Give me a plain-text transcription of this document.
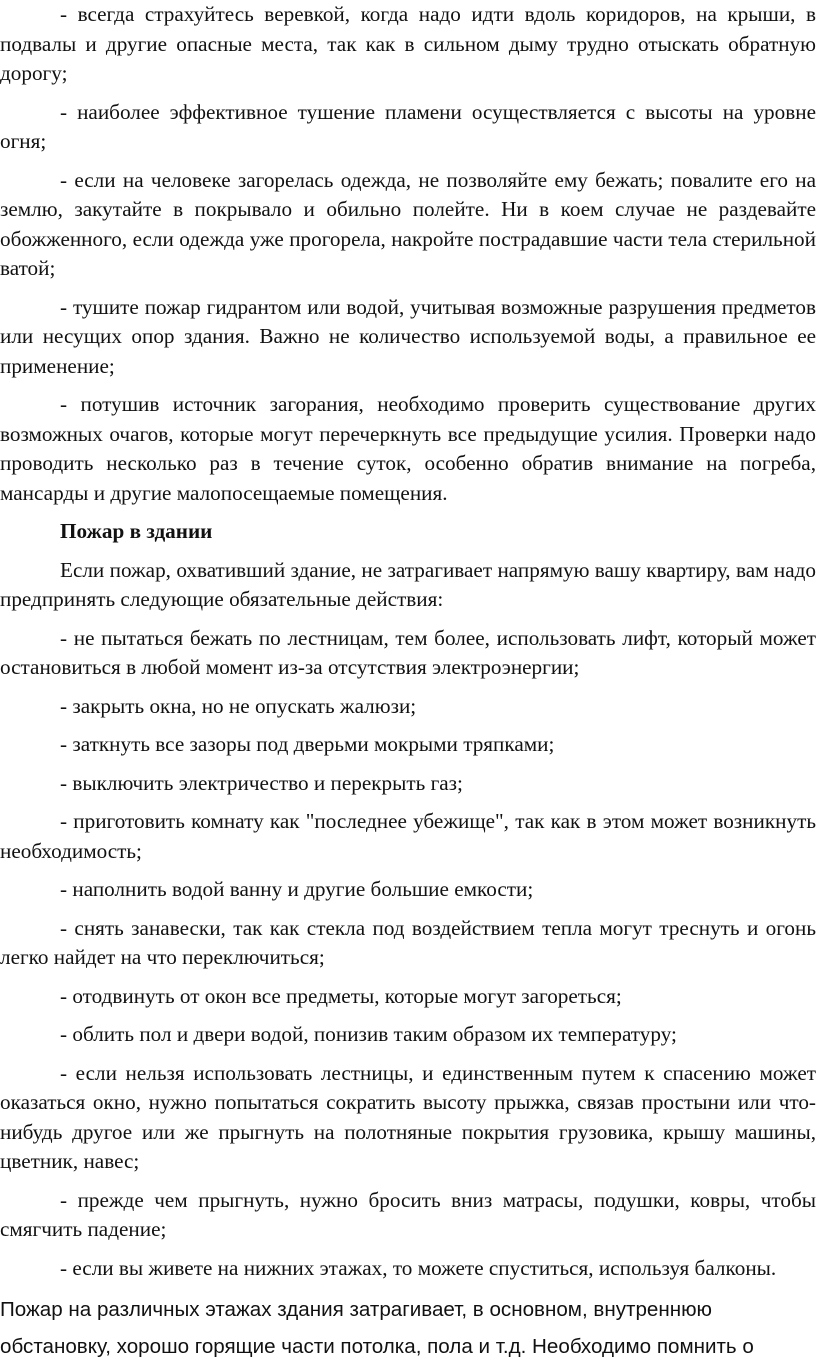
- всегда страхуйтесь веревкой, когда надо идти вдоль коридоров, на крыши, в подвалы и другие опасные места, так как в сильном дыму трудно отыскать обратную дорогу;

- наиболее эффективное тушение пламени осуществляется с высоты на уровне огня;

- если на человеке загорелась одежда, не позволяйте ему бежать; повалите его на землю, закутайте в покрывало и обильно полейте. Ни в коем случае не раздевайте обожженного, если одежда уже прогорела, накройте пострадавшие части тела стерильной ватой;

- тушите пожар гидрантом или водой, учитывая возможные разрушения предметов или несущих опор здания. Важно не количество используемой воды, а правильное ее применение;

- потушив источник загорания, необходимо проверить существование других возможных очагов, которые могут перечеркнуть все предыдущие усилия. Проверки надо проводить несколько раз в течение суток, особенно обратив внимание на погреба, мансарды и другие малопосещаемые помещения.

Пожар в здании

Если пожар, охвативший здание, не затрагивает напрямую вашу квартиру, вам надо предпринять следующие обязательные действия:

- не пытаться бежать по лестницам, тем более, использовать лифт, который может остановиться в любой момент из-за отсутствия электроэнергии;

- закрыть окна, но не опускать жалюзи;

- заткнуть все зазоры под дверьми мокрыми тряпками;

- выключить электричество и перекрыть газ;

- приготовить комнату как "последнее убежище", так как в этом может возникнуть необходимость;

- наполнить водой ванну и другие большие емкости;

- снять занавески, так как стекла под воздействием тепла могут треснуть и огонь легко найдет на что переключиться;

- отодвинуть от окон все предметы, которые могут загореться;

- облить пол и двери водой, понизив таким образом их температуру;

- если нельзя использовать лестницы, и единственным путем к спасению может оказаться окно, нужно попытаться сократить высоту прыжка, связав простыни или что-нибудь другое или же прыгнуть на полотняные покрытия грузовика, крышу машины, цветник, навес;

- прежде чем прыгнуть, нужно бросить вниз матрасы, подушки, ковры, чтобы смягчить падение;

- если вы живете на нижних этажах, то можете спуститься, используя балконы.

Пожар на различных этажах здания затрагивает, в основном, внутреннюю обстановку, хорошо горящие части потолка, пола и т.д. Необходимо помнить о
